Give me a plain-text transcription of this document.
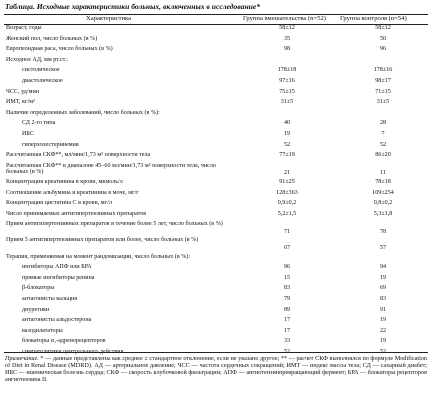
Таблица. Исходные характеристики больных, включенных в исследование*
Характеристика	Группа вмешательства (n=52) Группа контроля (n=54)
Возраст, годы	58±12	58±12
Женский пол, число больных (в %)	35	50
Европеоидная раса, число больных (в %)	98	96
Исходное АД, мм рт.ст.:
систолическое	178±18	178±16
диастолическое	97±16	98±17
ЧСС, уд/мин	75±15	71±15
ИМТ, кг/м²	31±5	31±5
Наличие определенных заболеваний, число больных (в %):
СД 2-го типа	40	28
ИБС	19	7
гиперхолестеринемия	52	52
Рассчитанная СКФ**, мл/мин/1,73 м² поверхности тела	77±19	86±20
Рассчитанная СКФ** в диапазоне 45–60 мл/мин/1,73 м² поверхности тела, число больных (в %)	21	11
Концентрация креатинина в крови, мкмоль/л	91±25	78±18
Соотношение альбумина и креатинина в моче, мг/г	128±363	109±254
Концентрация цистатина С в крови, мг/л	0,9±0,2	0,8±0,2
Число принимаемых антигипертензивных препаратов	5,2±1,5	5,3±1,8
Прием антигипертензивных препаратов в течение более 5 лет, число больных (в %)
71	78
Прием 5 антигипертензивных препаратов или более, число больных (в %)
67	57
Терапия, применяемая на момент рандомизации, число больных (в %):
ингибиторы АПФ или БРА	96	94
прямые ингибиторы ренина	15	19
β-блокаторы	83	69
антагонисты кальция	79	83
диуретики	89	91
антагонисты альдостерона	17	19
вазодилататоры	17	22
блокаторы α₁-адренорецепторов	33	19
симпатолитики центрального действия	52	52
Примечание. * — данные представлены как среднее ± стандартное отклонение, если не указано другое; ** — расчет СКФ выполнялся по формуле Modification of Diet in Renal Disease (MDRD). АД — артериальное давление; ЧСС — частота сердечных сокращений; ИМТ — индекс массы тела; СД — сахарный диабет; ИБС — ишемическая болезнь сердца; СКФ — скорость клубочковой фильтрации; АПФ — ангиотензинпревращающий фермент; БРА — блокаторы рецепторов ангиотензина II.
